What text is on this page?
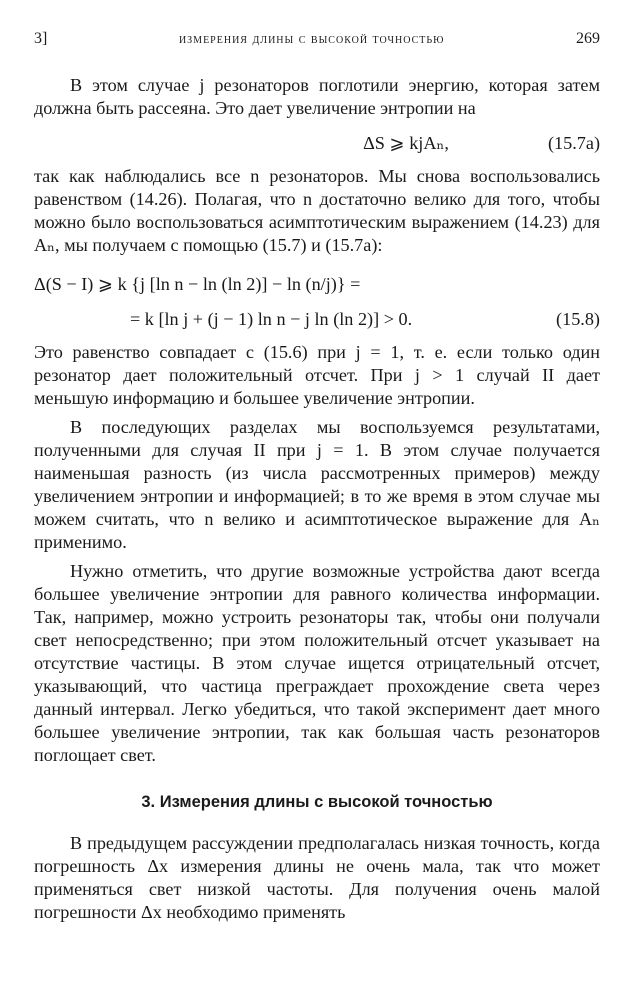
3]	измерения длины с высокой точностью	269

В этом случае j резонаторов поглотили энергию, которая затем должна быть рассеяна. Это дает увеличение энтропии на

ΔS ⩾ kjAₙ,	(15.7a)

так как наблюдались все n резонаторов. Мы снова воспользовались равенством (14.26). Полагая, что n достаточно велико для того, чтобы можно было воспользоваться асимптотическим выражением (14.23) для Aₙ, мы получаем с помощью (15.7) и (15.7a):

Δ(S − I) ⩾ k {j [ln n − ln (ln 2)] − ln (n/j)} =
= k [ln j + (j − 1) ln n − j ln (ln 2)] > 0.	(15.8)

Это равенство совпадает с (15.6) при j = 1, т. е. если только один резонатор дает положительный отсчет. При j > 1 случай II дает меньшую информацию и большее увеличение энтропии.

В последующих разделах мы воспользуемся результатами, полученными для случая II при j = 1. В этом случае получается наименьшая разность (из числа рассмотренных примеров) между увеличением энтропии и информацией; в то же время в этом случае мы можем считать, что n велико и асимптотическое выражение для Aₙ применимо.

Нужно отметить, что другие возможные устройства дают всегда большее увеличение энтропии для равного количества информации. Так, например, можно устроить резонаторы так, чтобы они получали свет непосредственно; при этом положительный отсчет указывает на отсутствие частицы. В этом случае ищется отрицательный отсчет, указывающий, что частица преграждает прохождение света через данный интервал. Легко убедиться, что такой эксперимент дает много большее увеличение энтропии, так как большая часть резонаторов поглощает свет.

3. Измерения длины с высокой точностью

В предыдущем рассуждении предполагалась низкая точность, когда погрешность Δx измерения длины не очень мала, так что может применяться свет низкой частоты. Для получения очень малой погрешности Δx необходимо применять
